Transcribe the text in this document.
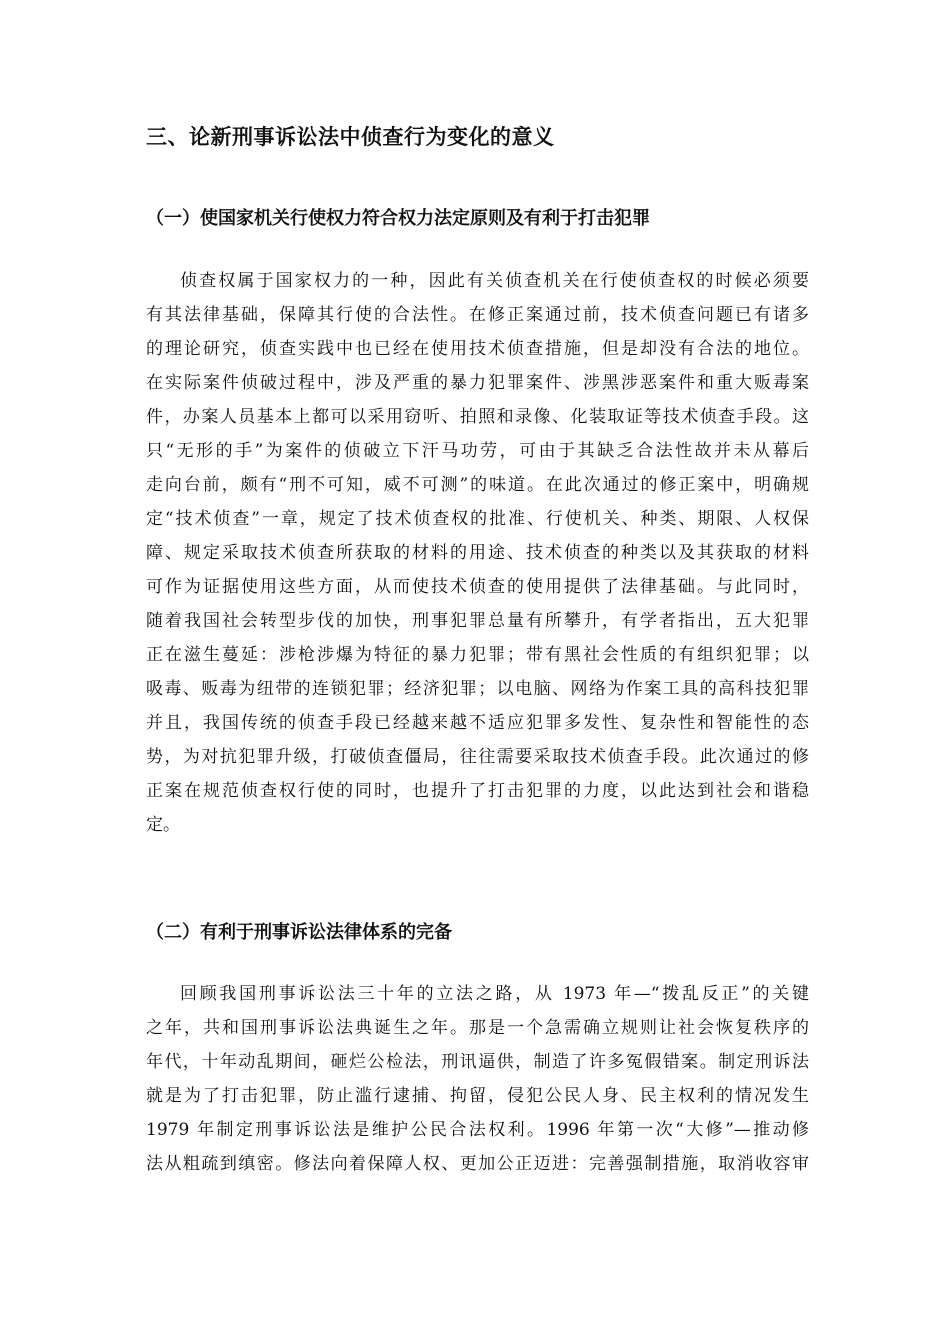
三、论新刑事诉讼法中侦查行为变化的意义
（一）使国家机关行使权力符合权力法定原则及有利于打击犯罪
侦查权属于国家权力的一种，因此有关侦查机关在行使侦查权的时候必须要
有其法律基础，保障其行使的合法性。在修正案通过前，技术侦查问题已有诸多
的理论研究，侦查实践中也已经在使用技术侦查措施，但是却没有合法的地位。
在实际案件侦破过程中，涉及严重的暴力犯罪案件、涉黑涉恶案件和重大贩毒案
件，办案人员基本上都可以采用窃听、拍照和录像、化装取证等技术侦查手段。这
只“无形的手”为案件的侦破立下汗马功劳，可由于其缺乏合法性故并未从幕后
走向台前，颇有“刑不可知，威不可测”的味道。在此次通过的修正案中，明确规
定“技术侦查”一章，规定了技术侦查权的批准、行使机关、种类、期限、人权保
障、规定采取技术侦查所获取的材料的用途、技术侦查的种类以及其获取的材料
可作为证据使用这些方面，从而使技术侦查的使用提供了法律基础。与此同时，
随着我国社会转型步伐的加快，刑事犯罪总量有所攀升，有学者指出，五大犯罪
正在滋生蔓延：涉枪涉爆为特征的暴力犯罪；带有黑社会性质的有组织犯罪；以
吸毒、贩毒为纽带的连锁犯罪；经济犯罪；以电脑、网络为作案工具的高科技犯罪
并且，我国传统的侦查手段已经越来越不适应犯罪多发性、复杂性和智能性的态
势，为对抗犯罪升级，打破侦查僵局，往往需要采取技术侦查手段。此次通过的修
正案在规范侦查权行使的同时，也提升了打击犯罪的力度，以此达到社会和谐稳
定。
（二）有利于刑事诉讼法律体系的完备
回顾我国刑事诉讼法三十年的立法之路，从 1973 年—“拨乱反正”的关键
之年，共和国刑事诉讼法典诞生之年。那是一个急需确立规则让社会恢复秩序的
年代，十年动乱期间，砸烂公检法，刑讯逼供，制造了许多冤假错案。制定刑诉法
就是为了打击犯罪，防止滥行逮捕、拘留，侵犯公民人身、民主权利的情况发生
1979 年制定刑事诉讼法是维护公民合法权利。1996 年第一次“大修”—推动修
法从粗疏到缜密。修法向着保障人权、更加公正迈进：完善强制措施，取消收容审
